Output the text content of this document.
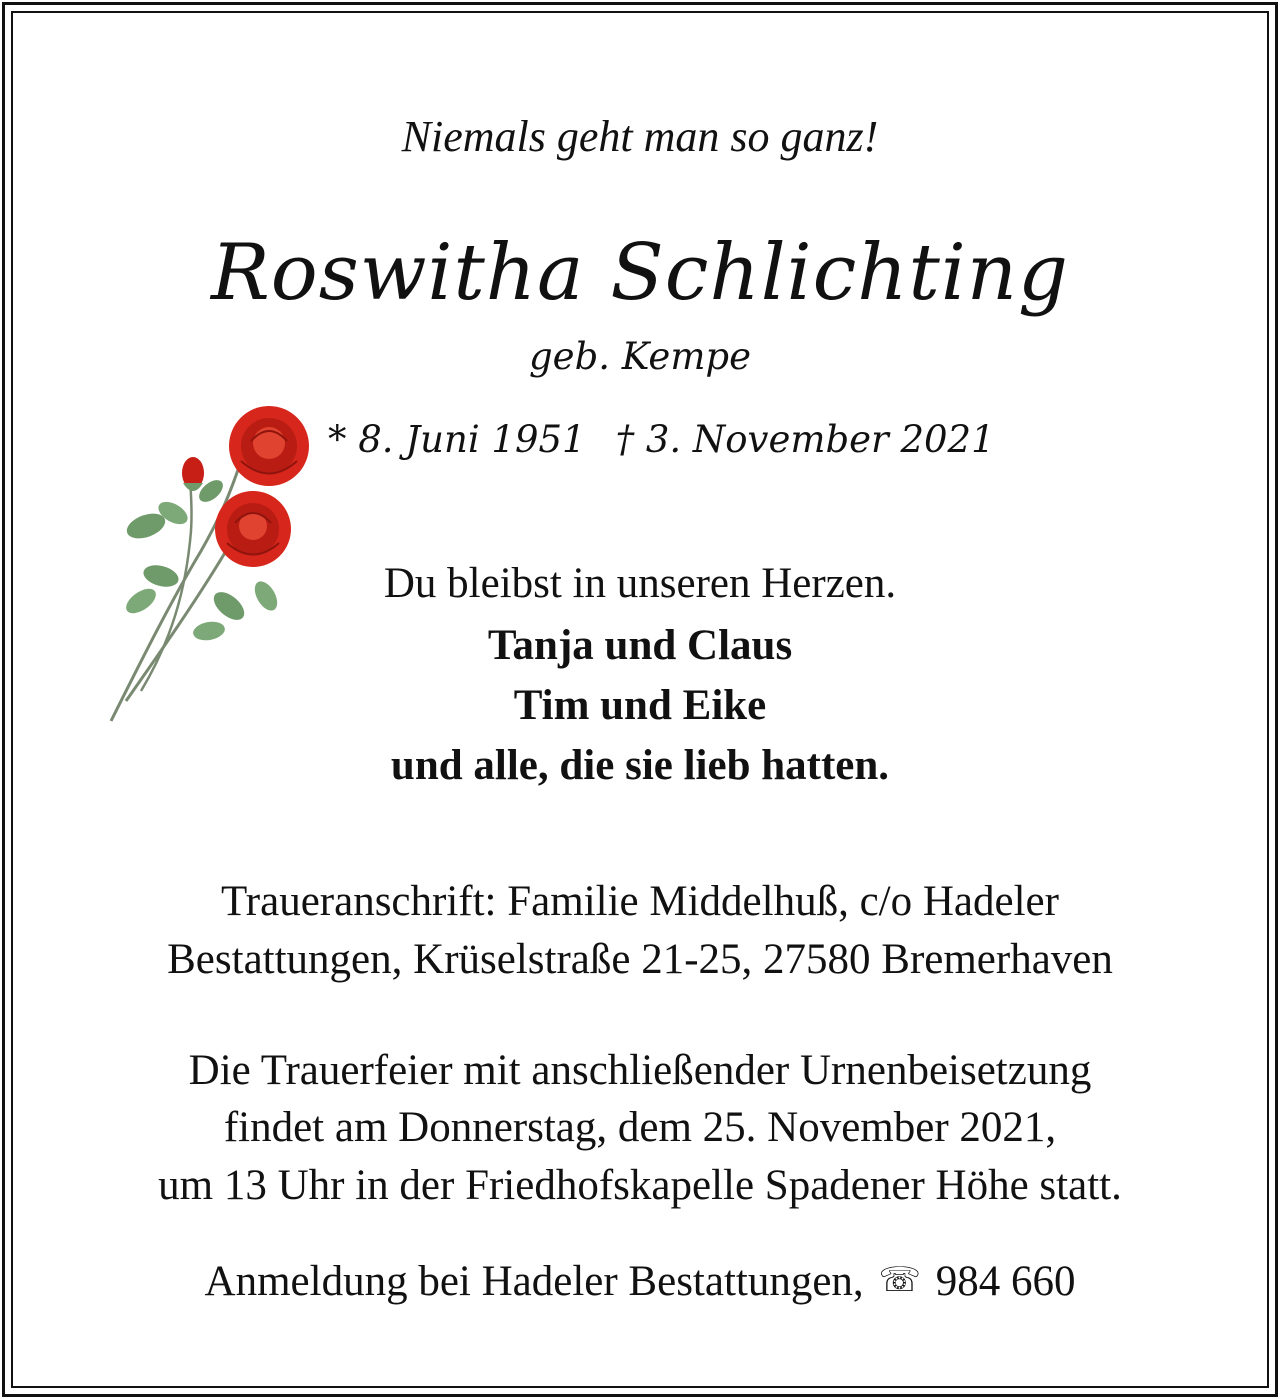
Niemals geht man so ganz!

Roswitha Schlichting

geb. Kempe

* 8. Juni 1951 † 3. November 2021

Du bleibst in unseren Herzen.

Tanja und Claus

Tim und Eike

und alle, die sie lieb hatten.

Traueranschrift: Familie Middelhuß, c/o Hadeler

Bestattungen, Krüselstraße 21-25, 27580 Bremerhaven

Die Trauerfeier mit anschließender Urnenbeisetzung

findet am Donnerstag, dem 25. November 2021,

um 13 Uhr in der Friedhofskapelle Spadener Höhe statt.

Anmeldung bei Hadeler Bestattungen, ☏ 984 660
